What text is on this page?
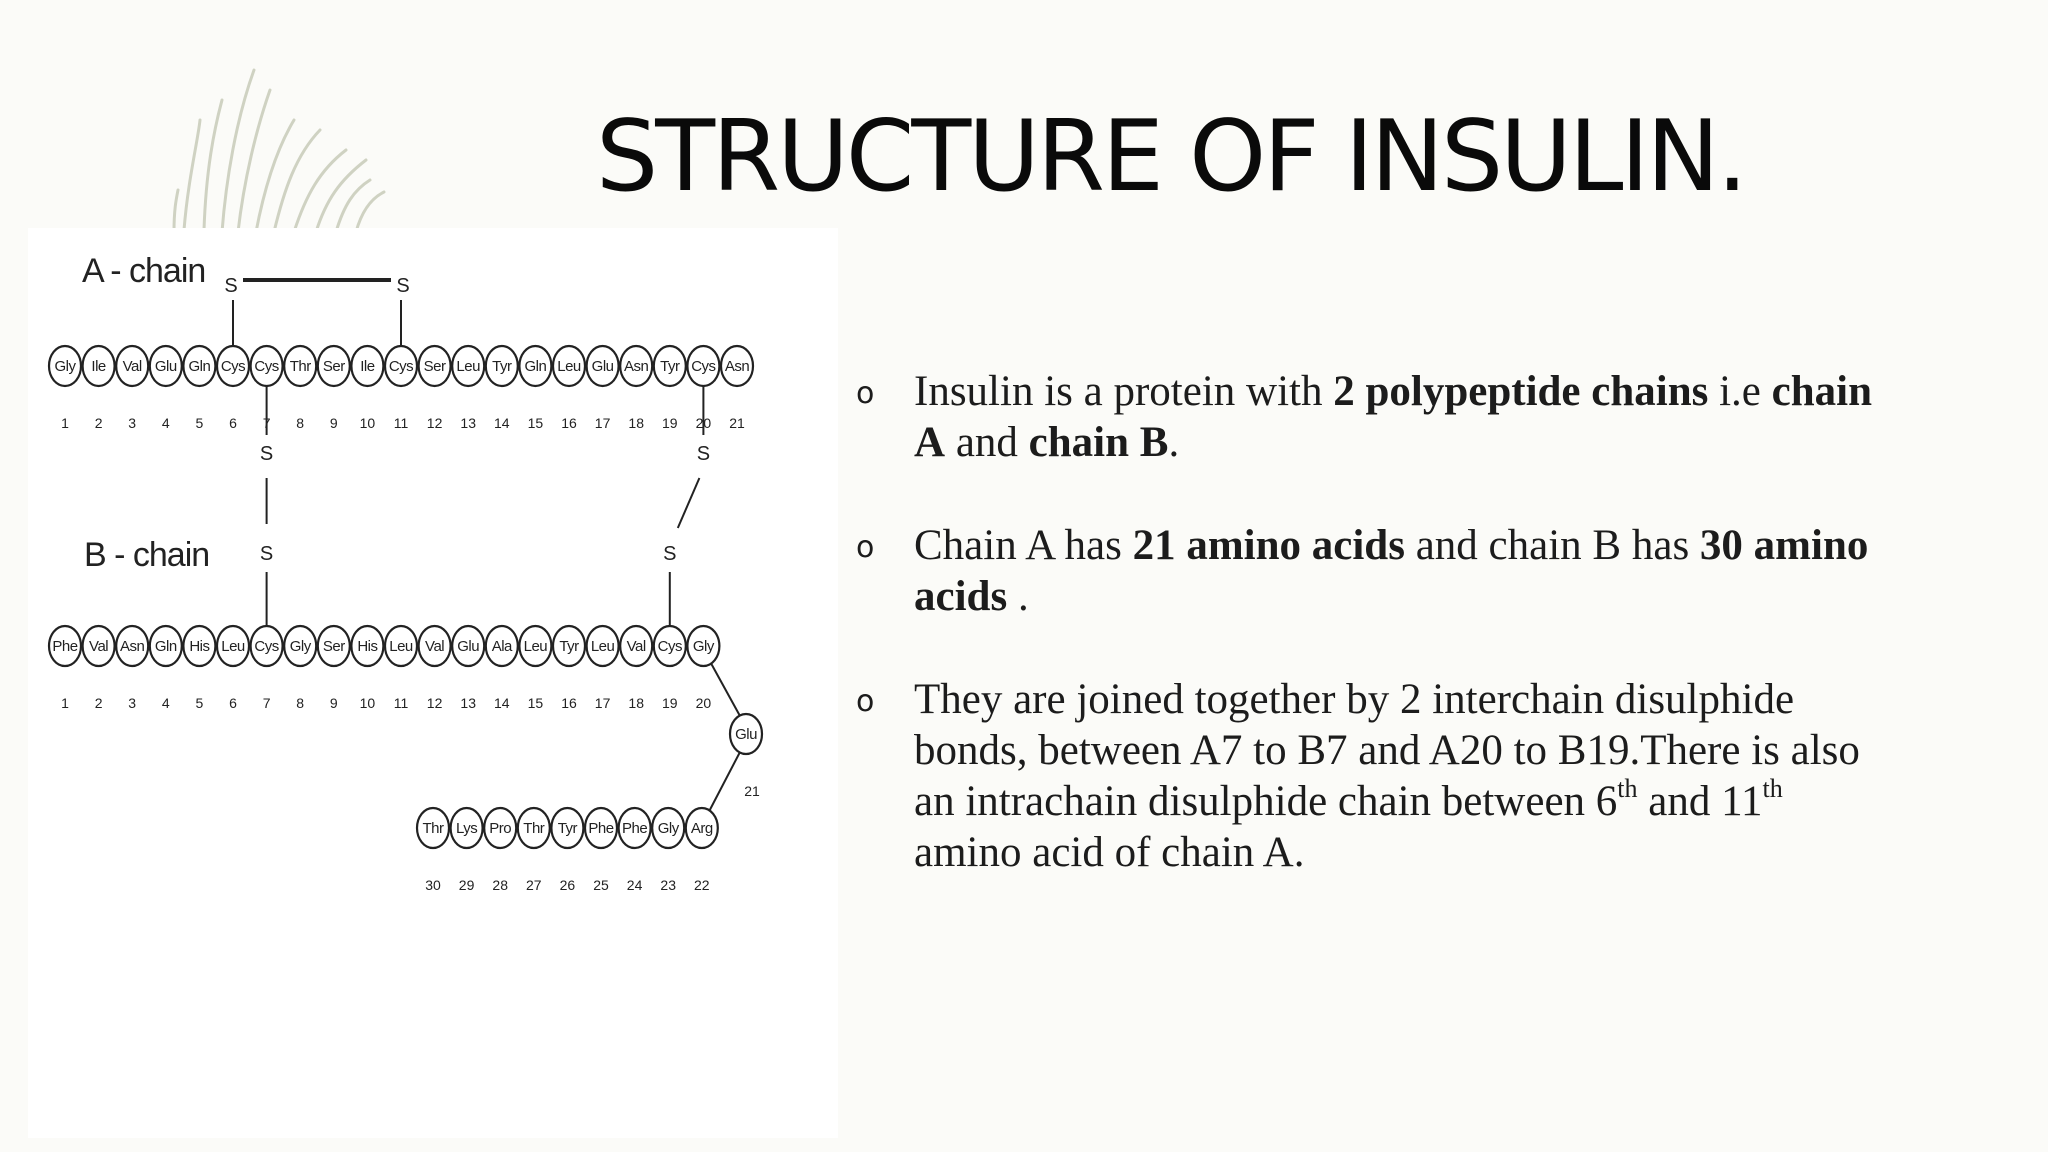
STRUCTURE OF INSULIN.
A - chain
B - chain
Gly Ile Val Glu Gln Cys Cys Thr Ser Ile Cys Ser Leu Tyr Gln Leu Glu Asn Tyr Cys Asn
1 2 3 4 5 6 7 8 9 10 11 12 13 14 15 16 17 18 19 20 21
S	S
Phe Val Asn Gln His Leu Cys Gly Ser His Leu Val Glu Ala Leu Tyr Leu Val Cys Gly
1 2 3 4 5 6 7 8 9 10 11 12 13 14 15 16 17 18 19 20
S
S
S
S
Glu
21
Thr Lys Pro Thr Tyr Phe Phe Gly Arg
30 29 28 27 26 25 24 23 22
o Insulin is a protein with 2 polypeptide chains i.e chain A and chain B.
o Chain A has 21 amino acids and chain B has 30 amino acids .
o They are joined together by 2 interchain disulphide bonds, between A7 to B7 and A20 to B19.There is also an intrachain disulphide chain between 6th and 11th amino acid of chain A.
